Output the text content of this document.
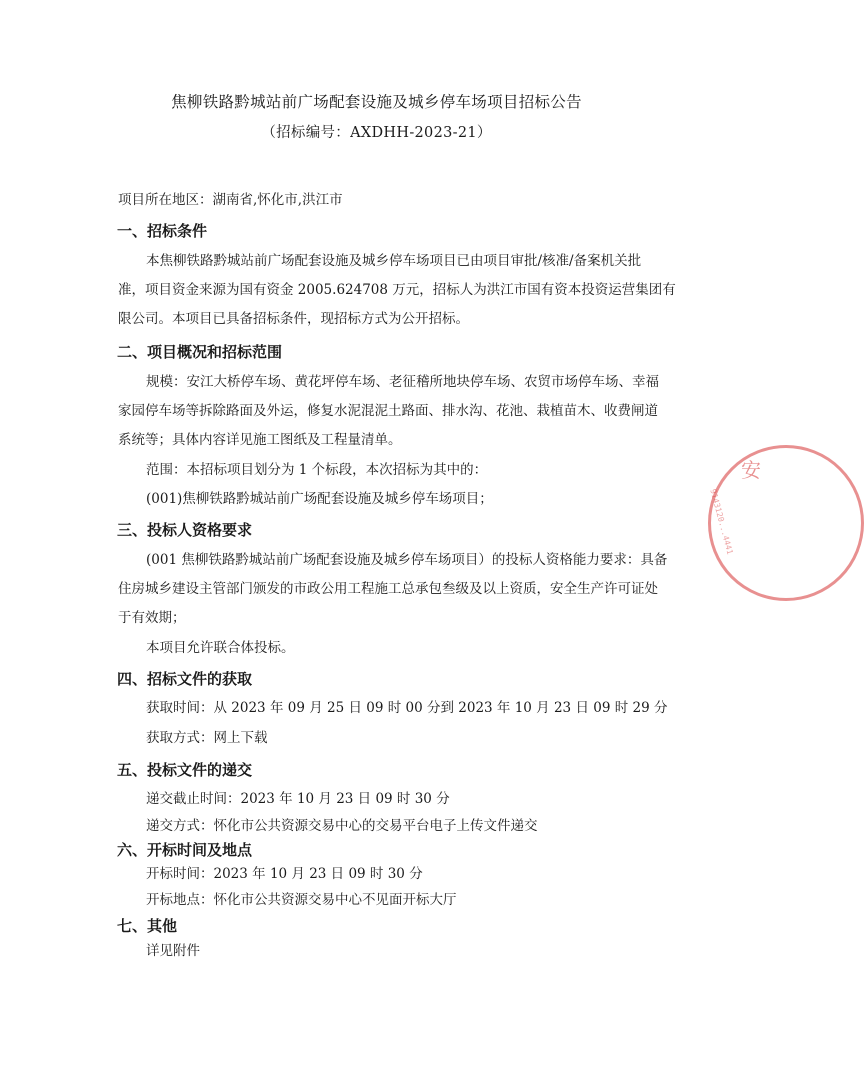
焦柳铁路黔城站前广场配套设施及城乡停车场项目招标公告
（招标编号：AXDHH-2023-21）
项目所在地区：湖南省,怀化市,洪江市
一、招标条件
本焦柳铁路黔城站前广场配套设施及城乡停车场项目已由项目审批/核准/备案机关批
准，项目资金来源为国有资金 2005.624708 万元，招标人为洪江市国有资本投资运营集团有
限公司。本项目已具备招标条件，现招标方式为公开招标。
二、项目概况和招标范围
规模：安江大桥停车场、黄花坪停车场、老征稽所地块停车场、农贸市场停车场、幸福
家园停车场等拆除路面及外运，修复水泥混泥土路面、排水沟、花池、栽植苗木、收费闸道
系统等；具体内容详见施工图纸及工程量清单。
范围：本招标项目划分为 1 个标段，本次招标为其中的：
(001)焦柳铁路黔城站前广场配套设施及城乡停车场项目；
三、投标人资格要求
(001 焦柳铁路黔城站前广场配套设施及城乡停车场项目）的投标人资格能力要求：具备
住房城乡建设主管部门颁发的市政公用工程施工总承包叁级及以上资质，安全生产许可证处
于有效期；
本项目允许联合体投标。
四、招标文件的获取
获取时间：从 2023 年 09 月 25 日 09 时 00 分到 2023 年 10 月 23 日 09 时 29 分
获取方式：网上下载
五、投标文件的递交
递交截止时间：2023 年 10 月 23 日 09 时 30 分
递交方式：怀化市公共资源交易中心的交易平台电子上传文件递交
六、开标时间及地点
开标时间：2023 年 10 月 23 日 09 时 30 分
开标地点：怀化市公共资源交易中心不见面开标大厅
七、其他
详见附件
安
9143120...4441
